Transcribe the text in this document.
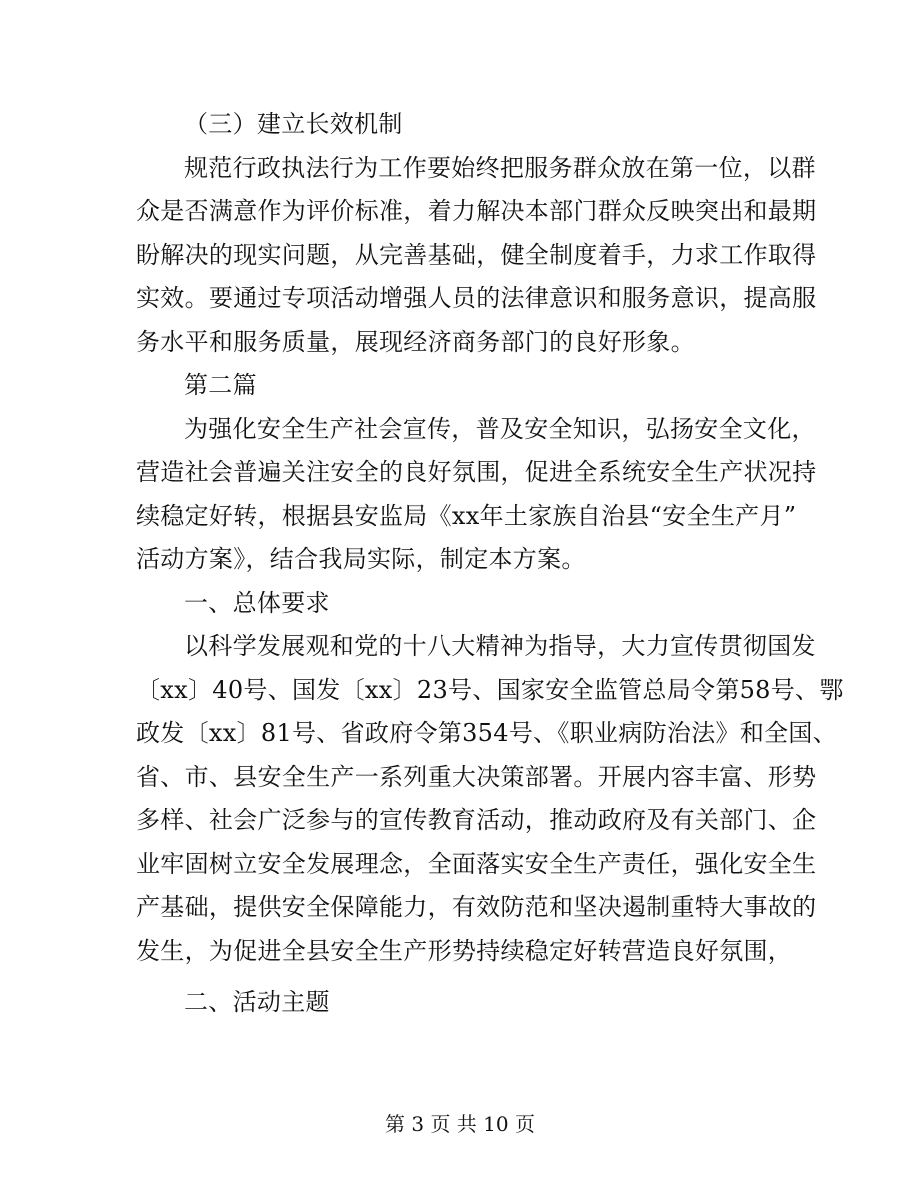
（三）建立长效机制
规范行政执法行为工作要始终把服务群众放在第一位，以群
众是否满意作为评价标准，着力解决本部门群众反映突出和最期
盼解决的现实问题，从完善基础，健全制度着手，力求工作取得
实效。要通过专项活动增强人员的法律意识和服务意识，提高服
务水平和服务质量，展现经济商务部门的良好形象。
第二篇
为强化安全生产社会宣传，普及安全知识，弘扬安全文化，
营造社会普遍关注安全的良好氛围，促进全系统安全生产状况持
续稳定好转，根据县安监局《xx年土家族自治县“安全生产月”
活动方案》，结合我局实际，制定本方案。
一、总体要求
以科学发展观和党的十八大精神为指导，大力宣传贯彻国发
〔xx〕40号、国发〔xx〕23号、国家安全监管总局令第58号、鄂
政发〔xx〕81号、省政府令第354号、《职业病防治法》和全国、
省、市、县安全生产一系列重大决策部署。开展内容丰富、形势
多样、社会广泛参与的宣传教育活动，推动政府及有关部门、企
业牢固树立安全发展理念，全面落实安全生产责任，强化安全生
产基础，提供安全保障能力，有效防范和坚决遏制重特大事故的
发生，为促进全县安全生产形势持续稳定好转营造良好氛围，
二、活动主题
第 3 页 共 10 页
